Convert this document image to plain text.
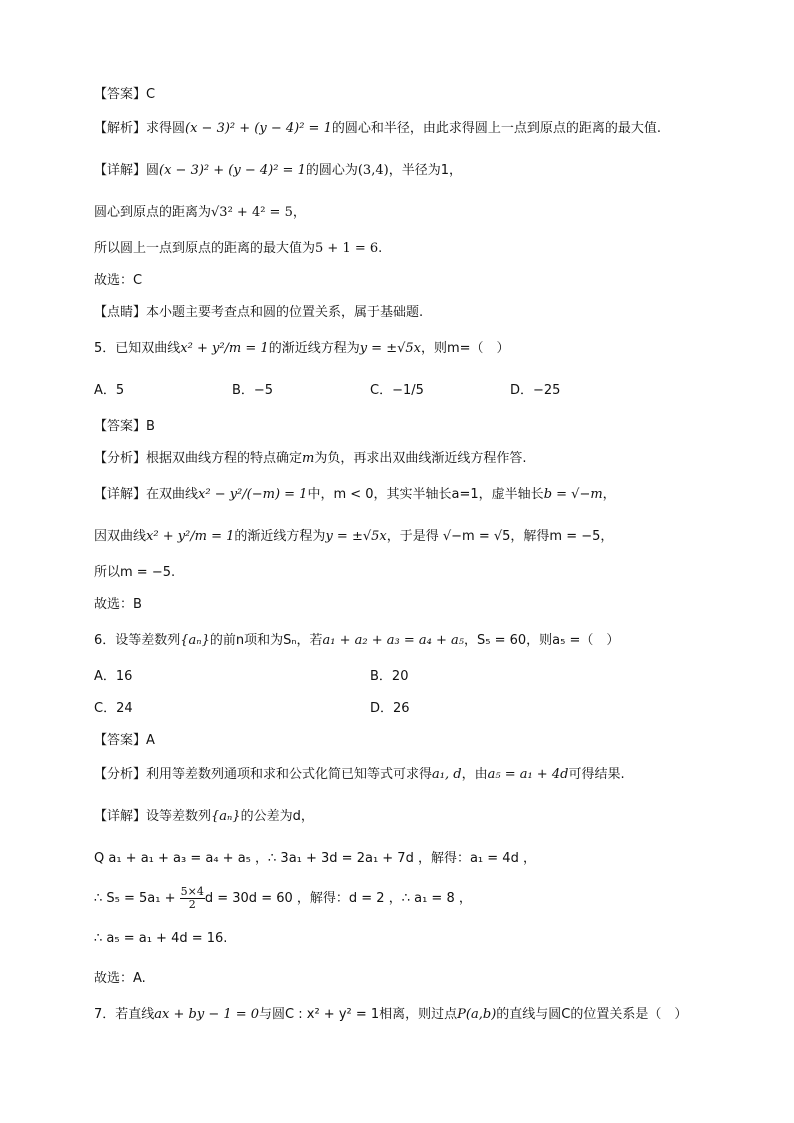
【答案】C
【解析】求得圆(x − 3)² + (y − 4)² = 1的圆心和半径，由此求得圆上一点到原点的距离的最大值.
【详解】圆(x − 3)² + (y − 4)² = 1的圆心为(3,4)，半径为1，
圆心到原点的距离为√3² + 4² = 5，
所以圆上一点到原点的距离的最大值为5 + 1 = 6.
故选：C
【点睛】本小题主要考查点和圆的位置关系，属于基础题.
5．已知双曲线x² + y²/m = 1的渐近线方程为y = ±√5x，则m=（　）
A．5	B．−5	C．−1/5	D．−25
【答案】B
【分析】根据双曲线方程的特点确定m为负，再求出双曲线渐近线方程作答.
【详解】在双曲线x² − y²/(−m) = 1中，m < 0，其实半轴长a=1，虚半轴长b = √−m，
因双曲线x² + y²/m = 1的渐近线方程为y = ±√5x，于是得 √−m = √5，解得m = −5，
所以m = −5.
故选：B
6．设等差数列{aₙ}的前n项和为Sₙ，若a₁ + a₂ + a₃ = a₄ + a₅，S₅ = 60，则a₅ =（　）
A．16	B．20
C．24	D．26
【答案】A
【分析】利用等差数列通项和求和公式化简已知等式可求得a₁, d，由a₅ = a₁ + 4d可得结果.
【详解】设等差数列{aₙ}的公差为d，
Q a₁ + a₁ + a₃ = a₄ + a₅ ，∴ 3a₁ + 3d = 2a₁ + 7d ，解得：a₁ = 4d ，
∴ $S_5 = 5a_1 + \frac{5\times 4}{2}$ d = 30d = 60 ，解得：d = 2 ，∴ a₁ = 8 ，
∴ a₅ = a₁ + 4d = 16.
故选：A.
7．若直线ax + by − 1 = 0与圆C : x² + y² = 1相离，则过点P(a,b)的直线与圆C的位置关系是（　）
